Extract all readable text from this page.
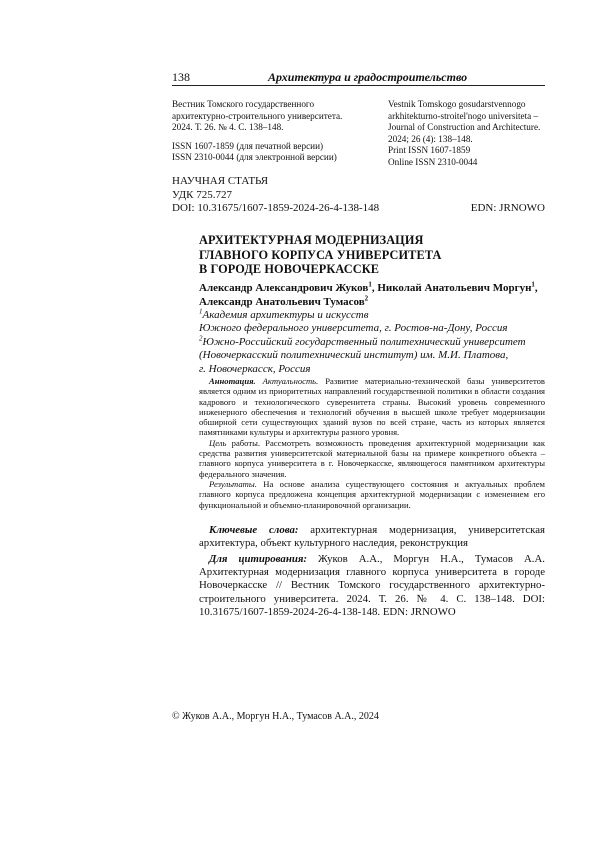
138	Архитектура и градостроительство

Вестник Томского государственного

архитектурно-строительного университета.

2024. Т. 26. № 4. С. 138–148.

ISSN 1607-1859 (для печатной версии)

ISSN 2310-0044 (для электронной версии)

Vestnik Tomskogo gosudarstvennogo

arkhitekturno-stroitel'nogo universiteta –

Journal of Construction and Architecture.

2024; 26 (4): 138–148.

Print ISSN 1607-1859

Online ISSN 2310-0044

НАУЧНАЯ СТАТЬЯ
УДК 725.727
DOI: 10.31675/1607-1859-2024-26-4-138-148	EDN: JRNOWO
АРХИТЕКТУРНАЯ МОДЕРНИЗАЦИЯ
ГЛАВНОГО КОРПУСА УНИВЕРСИТЕТА
В ГОРОДЕ НОВОЧЕРКАССКЕ
Александр Александрович Жуков$^1$, Николай Анатольевич Моргун$^1$,
Александр Анатольевич Тумасов$^2$
$^1$Академия архитектуры и искусств
Южного федерального университета, г. Ростов-на-Дону, Россия
$^2$Южно-Российский государственный политехнический университет
(Новочеркасский политехнический институт) им. М.И. Платова,
г. Новочеркасск, Россия

Аннотация. Актуальность. Развитие материально-технической базы университетов является одним из приоритетных направлений государственной политики в области создания кадрового и технологического суверенитета страны. Высокий уровень современного инженерного обеспечения и технологий обучения в высшей школе требует модернизации обширной сети существующих зданий вузов по всей стране, часть из которых является памятниками культуры и архитектуры разного уровня.

Цель работы. Рассмотреть возможность проведения архитектурной модернизации как средства развития университетской материальной базы на примере конкретного объекта – главного корпуса университета в г. Новочеркасске, являющегося памятником архитектуры федерального значения.

Результаты. На основе анализа существующего состояния и актуальных проблем главного корпуса предложена концепция архитектурной модернизации с изменением его функциональной и объемно-планировочной организации.

Ключевые слова: архитектурная модернизация, университетская архитектура, объект культурного наследия, реконструкция
Для цитирования: Жуков А.А., Моргун Н.А., Тумасов А.А. Архитектурная модернизация главного корпуса университета в городе Новочеркасске // Вестник Томского государственного архитектурно-строительного университета. 2024. Т. 26. № 4. С. 138–148. DOI: 10.31675/1607-1859-2024-26-4-138-148. EDN: JRNOWO
© Жуков А.А., Моргун Н.А., Тумасов А.А., 2024
